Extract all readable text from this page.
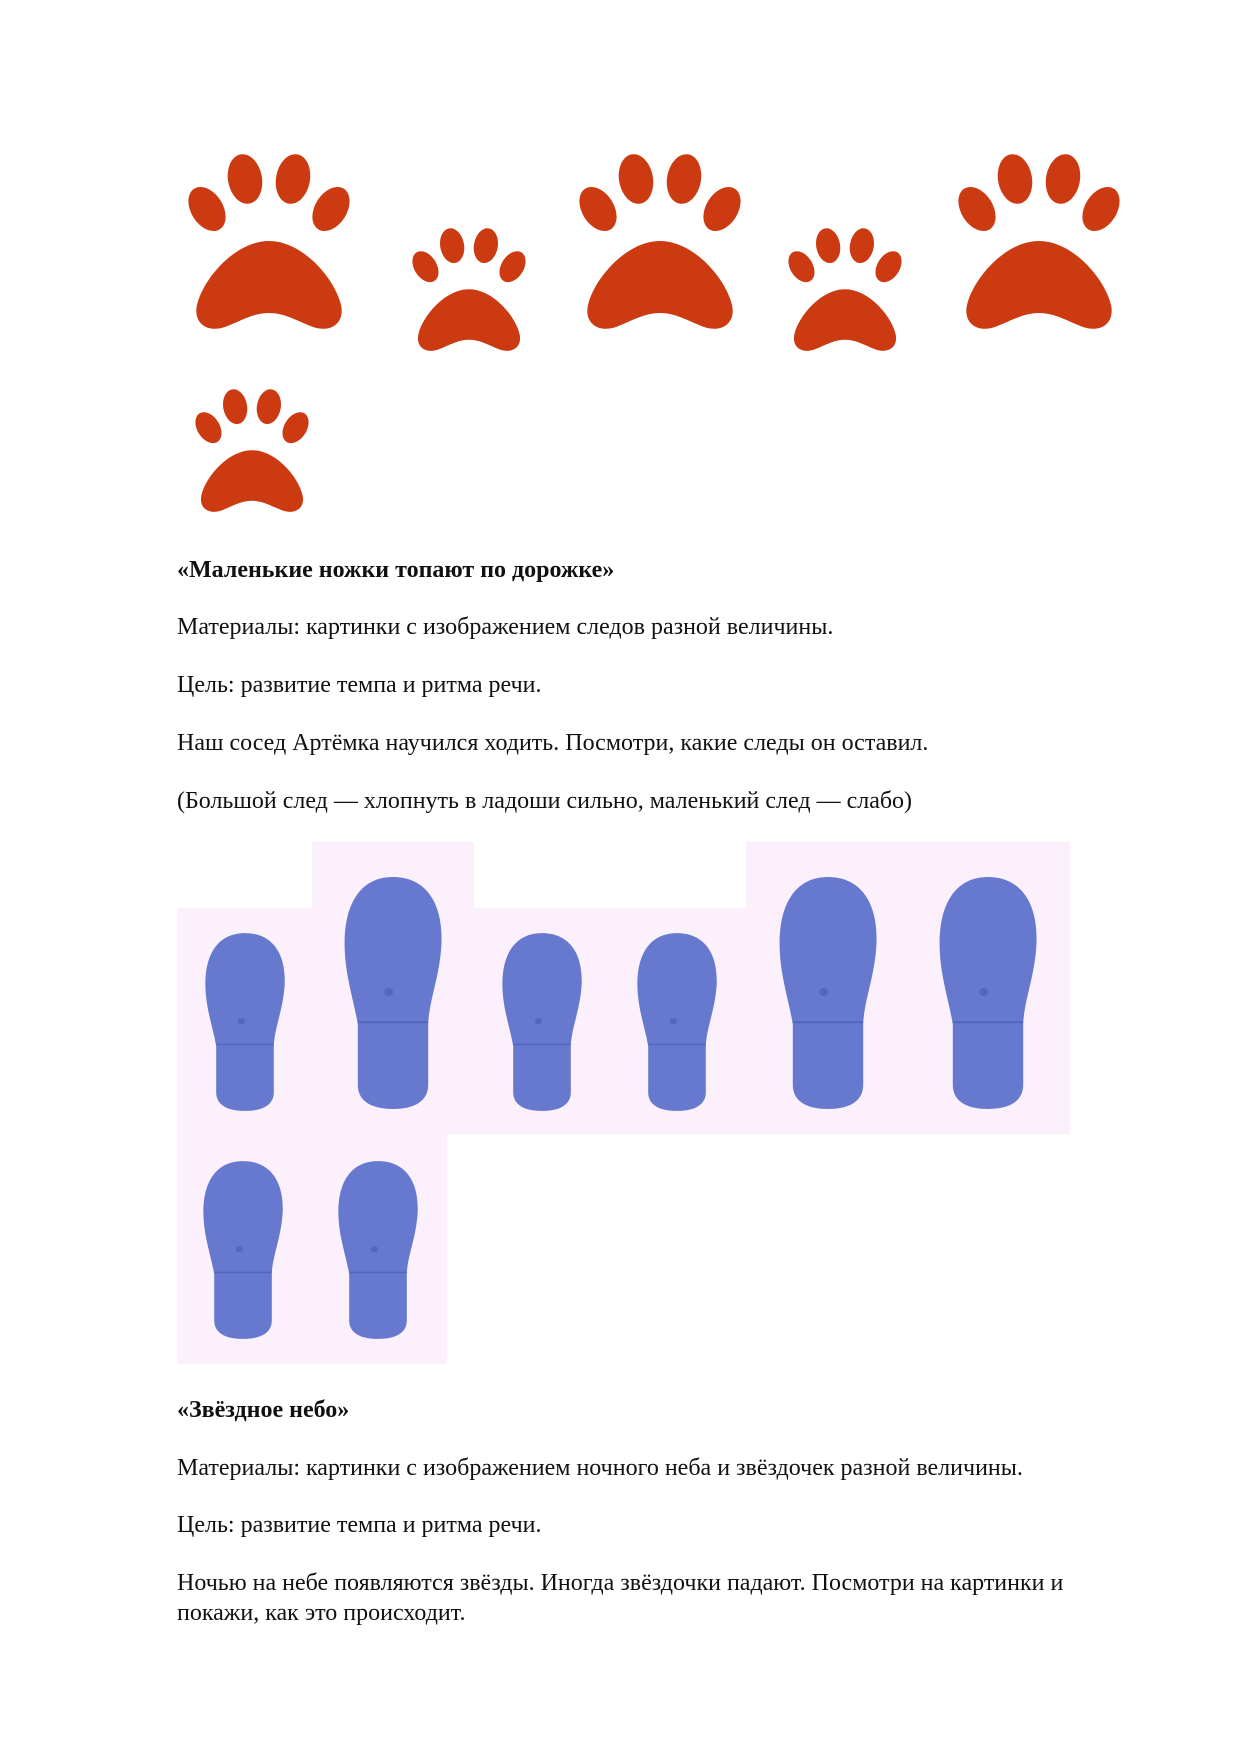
«Маленькие ножки топают по дорожке»

Материалы: картинки с изображением следов разной величины.

Цель: развитие темпа и ритма речи.

Наш сосед Артёмка научился ходить. Посмотри, какие следы он оставил.

(Большой след — хлопнуть в ладоши сильно, маленький след — слабо)

«Звёздное небо»

Материалы: картинки с изображением ночного неба и звёздочек разной величины.

Цель: развитие темпа и ритма речи.

Ночью на небе появляются звёзды. Иногда звёздочки падают. Посмотри на картинки и покажи, как это происходит.
